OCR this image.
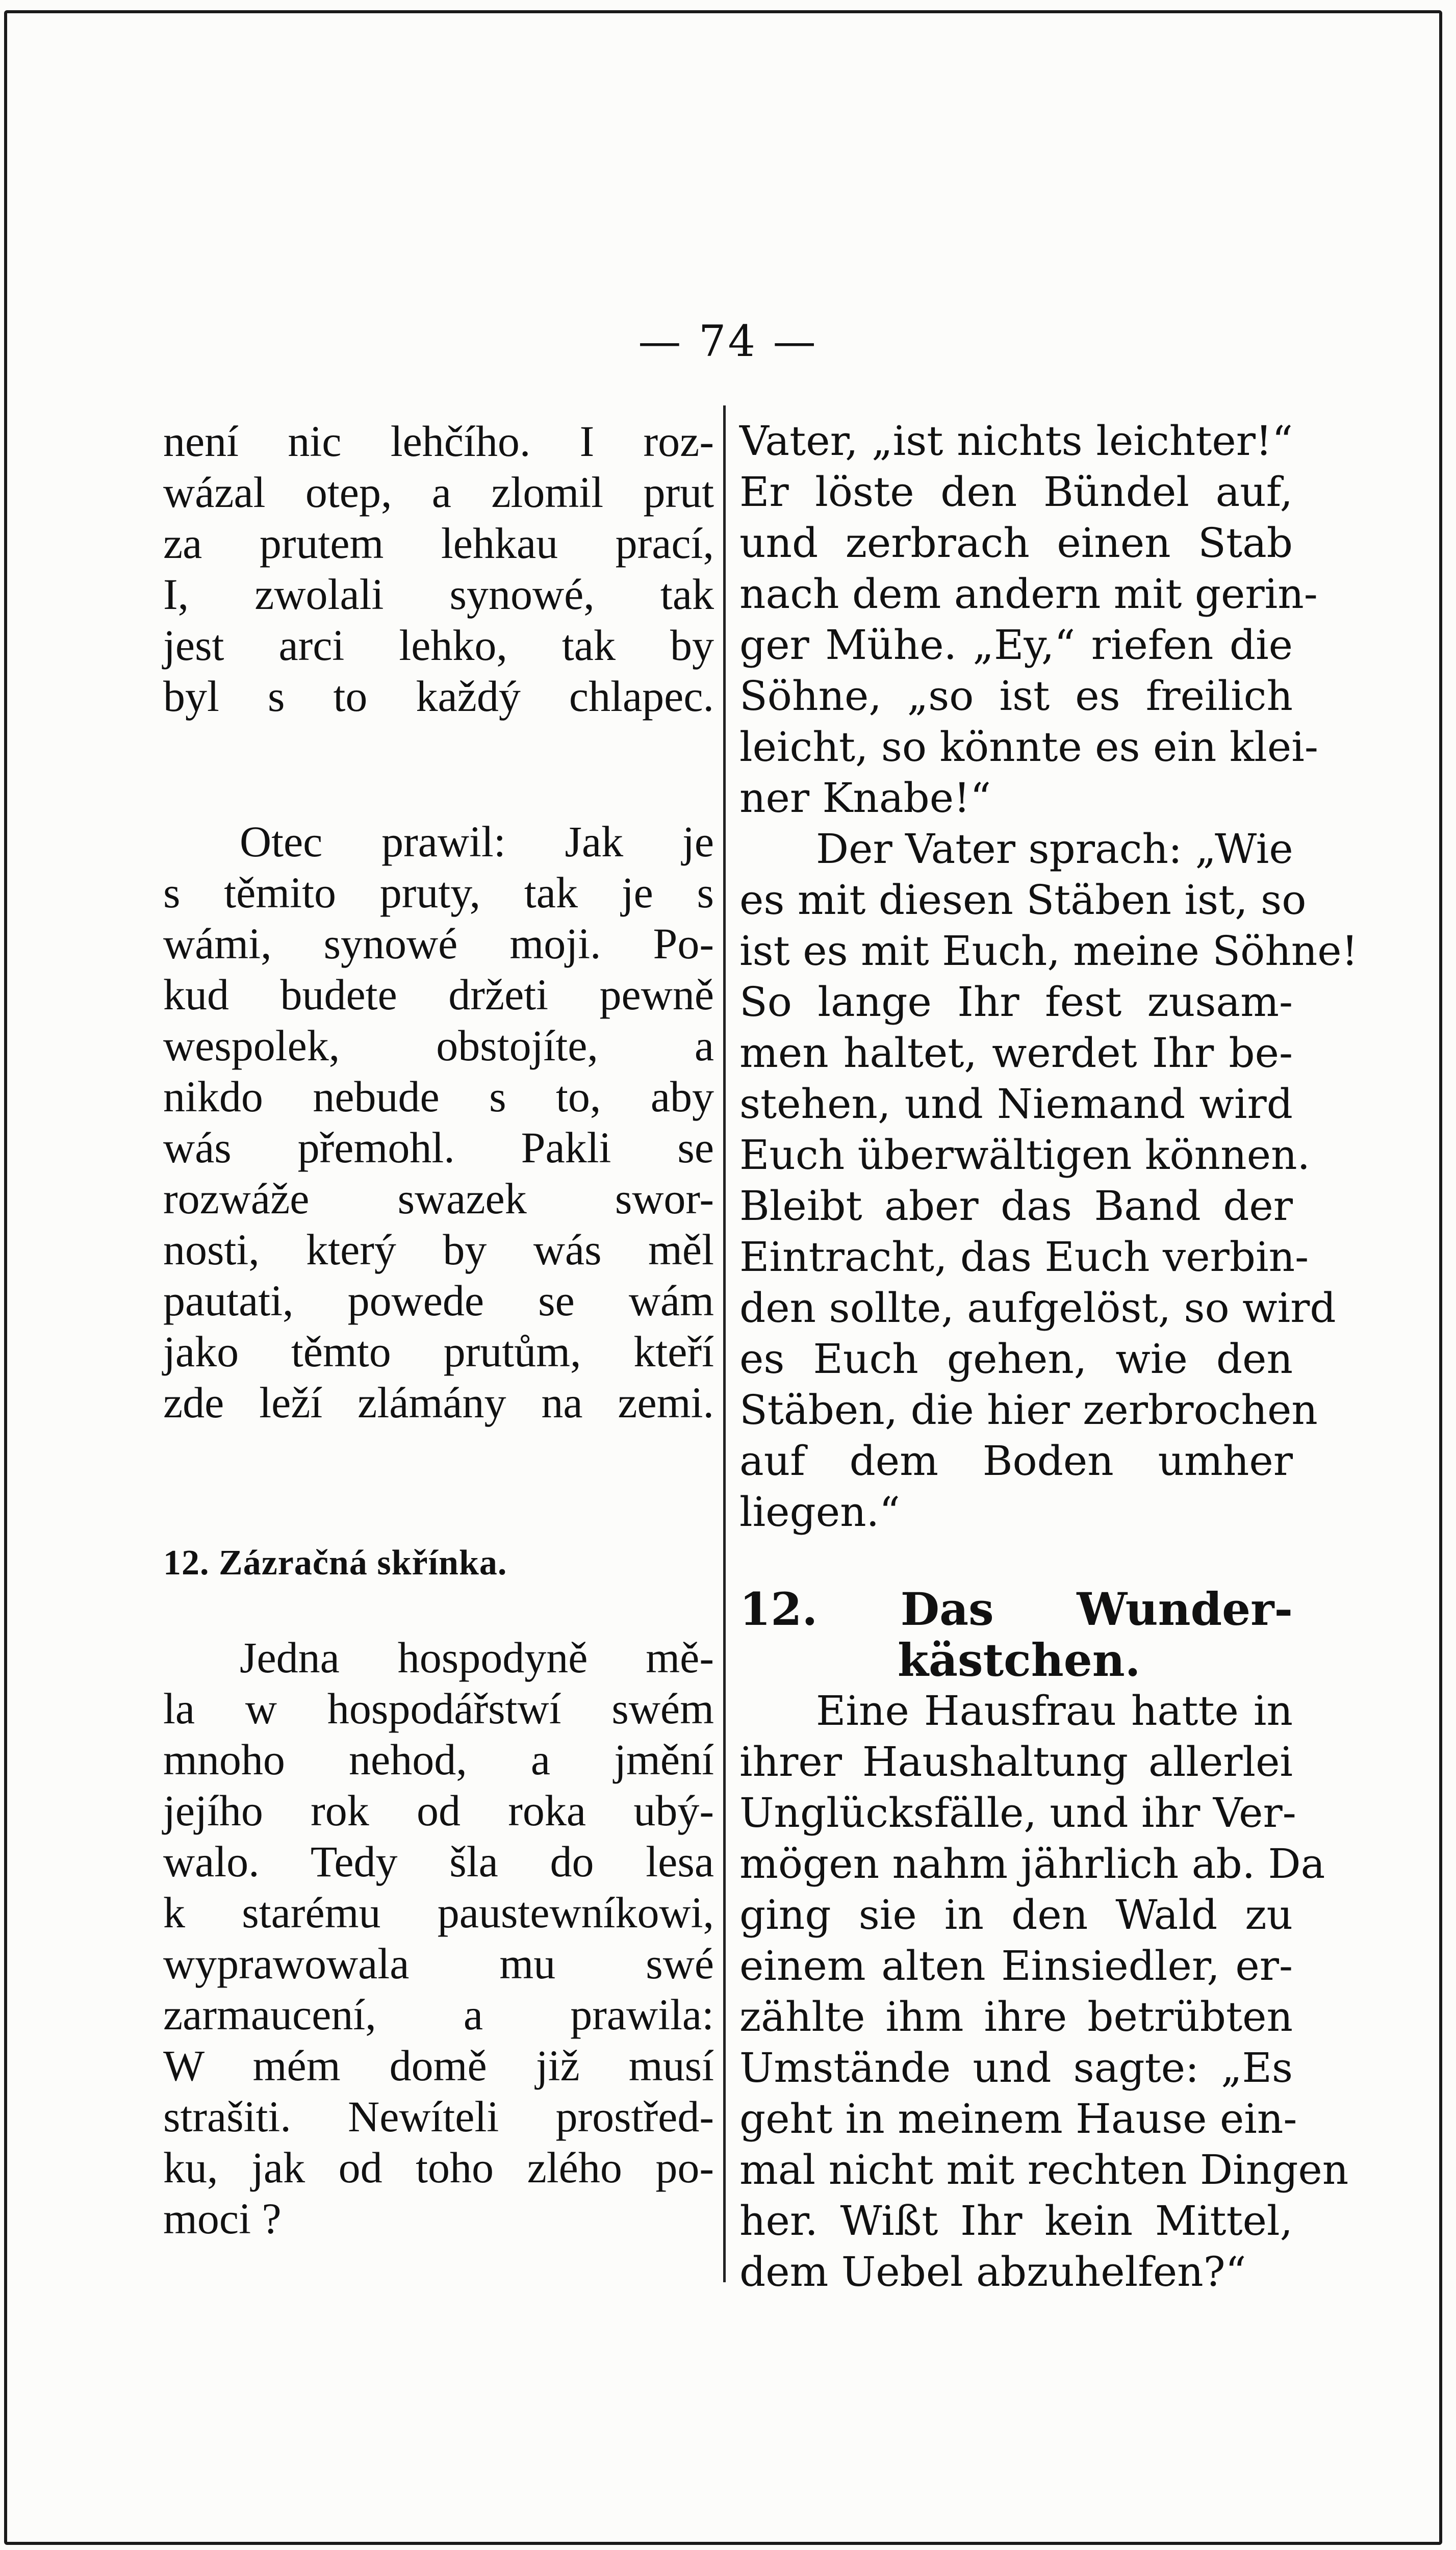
— 74 —
není nic lehčího. I roz-
wázal otep, a zlomil prut
za prutem lehkau prací,
I, zwolali synowé, tak
jest arci lehko, tak by
byl s to každý chlapec.
Otec prawil: Jak je
s těmito pruty, tak je s
wámi, synowé moji. Po-
kud budete držeti pewně
wespolek, obstojíte, a
nikdo nebude s to, aby
wás přemohl. Pakli se
rozwáže swazek swor-
nosti, který by wás měl
pautati, powede se wám
jako těmto prutům, kteří
zde leží zlámány na zemi.
12. Zázračná skřínka.
Jedna hospodyně mě-
la w hospodářstwí swém
mnoho nehod, a jmění
jejího rok od roka ubý-
walo. Tedy šla do lesa
k starému paustewníkowi,
wyprawowala mu swé
zarmaucení, a prawila:
W mém domě již musí
strašiti. Newíteli prostřed-
ku, jak od toho zlého po-
moci ?
Vater, „ist nichts leichter!“
Er löste den Bündel auf,
und zerbrach einen Stab
nach dem andern mit gerin-
ger Mühe. „Ey,“ riefen die
Söhne, „so ist es freilich
leicht, so könnte es ein klei-
ner Knabe!“
Der Vater sprach: „Wie
es mit diesen Stäben ist, so
ist es mit Euch, meine Söhne!
So lange Ihr fest zusam-
men haltet, werdet Ihr be-
stehen, und Niemand wird
Euch überwältigen können.
Bleibt aber das Band der
Eintracht, das Euch verbin-
den sollte, aufgelöst, so wird
es Euch gehen, wie den
Stäben, die hier zerbrochen
auf dem Boden umher
liegen.“
12. Das Wunder-
kästchen.
Eine Hausfrau hatte in
ihrer Haushaltung allerlei
Unglücksfälle, und ihr Ver-
mögen nahm jährlich ab. Da
ging sie in den Wald zu
einem alten Einsiedler, er-
zählte ihm ihre betrübten
Umstände und sagte: „Es
geht in meinem Hause ein-
mal nicht mit rechten Dingen
her. Wißt Ihr kein Mittel,
dem Uebel abzuhelfen?“
